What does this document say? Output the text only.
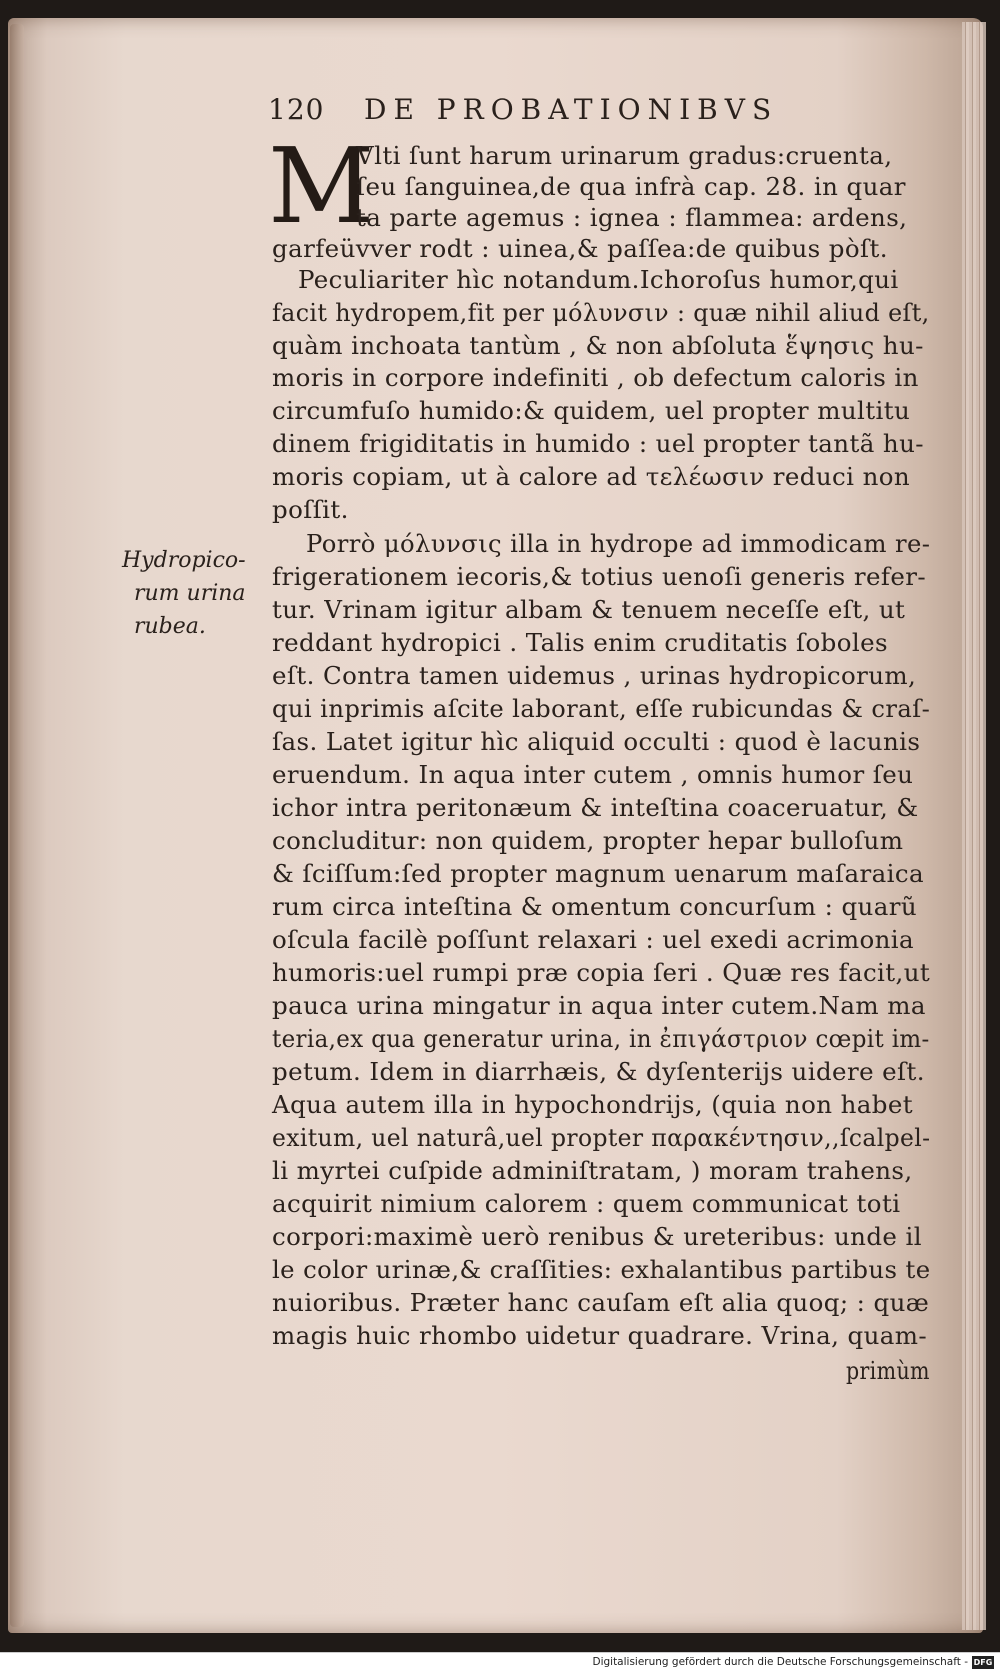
120 DE PROBATIONIBVS
M
Vlti ſunt harum urinarum gradus:cruenta,
ſeu ſanguinea,de qua infrà cap. 28. in quar
ta parte agemus : ignea : flammea: ardens,
garfeüvver rodt : uinea,& paſſea:de quibus pòſt.
Peculiariter hìc notandum.Ichoroſus humor,qui
facit hydropem,fit per μόλυνσιν : quæ nihil aliud eſt,
quàm inchoata tantùm , & non abſoluta ἕψησις hu-
moris in corpore indefiniti , ob defectum caloris in
circumfuſo humido:& quidem, uel propter multitu
dinem frigiditatis in humido : uel propter tantã hu-
moris copiam, ut à calore ad τελέωσιν reduci non
poſſit.
Porrò μόλυνσις illa in hydrope ad immodicam re-
frigerationem iecoris,& totius uenoſi generis refer-
tur. Vrinam igitur albam & tenuem neceſſe eſt, ut
reddant hydropici . Talis enim cruditatis ſoboles
eſt. Contra tamen uidemus , urinas hydropicorum,
qui inprimis aſcite laborant, eſſe rubicundas & craſ-
ſas. Latet igitur hìc aliquid occulti : quod è lacunis
eruendum. In aqua inter cutem , omnis humor ſeu
ichor intra peritonæum & inteſtina coaceruatur, &
concluditur: non quidem, propter hepar bulloſum
& ſciſſum:ſed propter magnum uenarum maſaraica
rum circa inteſtina & omentum concurſum : quarũ
oſcula facilè poſſunt relaxari : uel exedi acrimonia
humoris:uel rumpi præ copia ſeri . Quæ res facit,ut
pauca urina mingatur in aqua inter cutem.Nam ma
teria,ex qua generatur urina, in ἐπιγάστριον cœpit im-
petum. Idem in diarrhæis, & dyſenterijs uidere eſt.
Aqua autem illa in hypochondrijs, (quia non habet
exitum, uel naturâ,uel propter παρακέντησιν,,ſcalpel-
li myrtei cuſpide adminiſtratam, ) moram trahens,
acquirit nimium calorem : quem communicat toti
corpori:maximè uerò renibus & ureteribus: unde il
le color urinæ,& craſſities: exhalantibus partibus te
nuioribus. Præter hanc cauſam eſt alia quoq; : quæ
magis huic rhombo uidetur quadrare. Vrina, quam-
primùm
Hydropico-
rum urina
rubea.
Digitalisierung gefördert durch die Deutsche Forschungsgemeinschaft - DFG
